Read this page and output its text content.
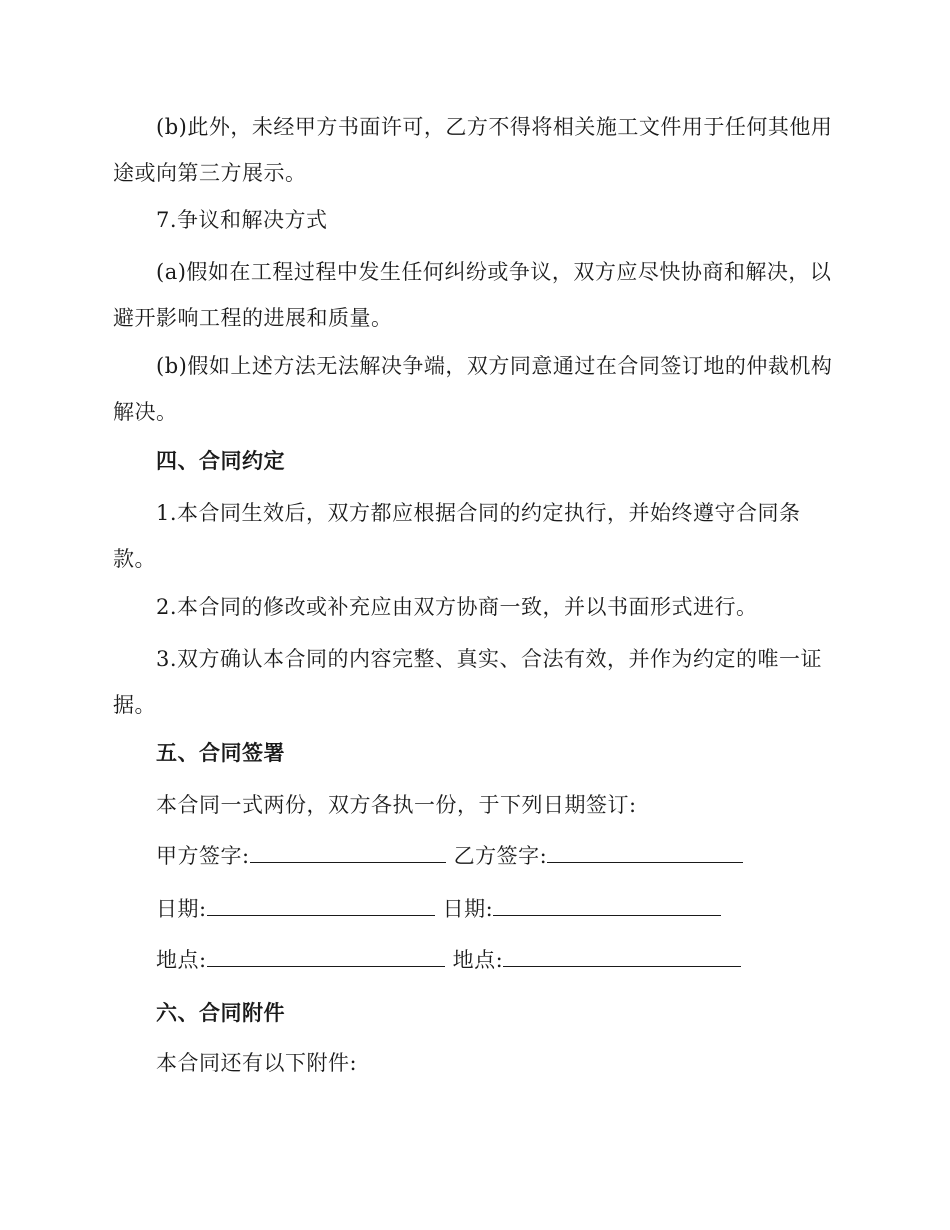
(b)此外，未经甲方书面许可，乙方不得将相关施工文件用于任何其他用途或向第三方展示。

7.争议和解决方式

(a)假如在工程过程中发生任何纠纷或争议，双方应尽快协商和解决，以避开影响工程的进展和质量。

(b)假如上述方法无法解决争端，双方同意通过在合同签订地的仲裁机构解决。

四、合同约定

1.本合同生效后，双方都应根据合同的约定执行，并始终遵守合同条款。

2.本合同的修改或补充应由双方协商一致，并以书面形式进行。

3.双方确认本合同的内容完整、真实、合法有效，并作为约定的唯一证据。

五、合同签署

本合同一式两份，双方各执一份，于下列日期签订:

甲方签字:	乙方签字:
日期:	日期:
地点:	地点:
六、合同附件

本合同还有以下附件:
